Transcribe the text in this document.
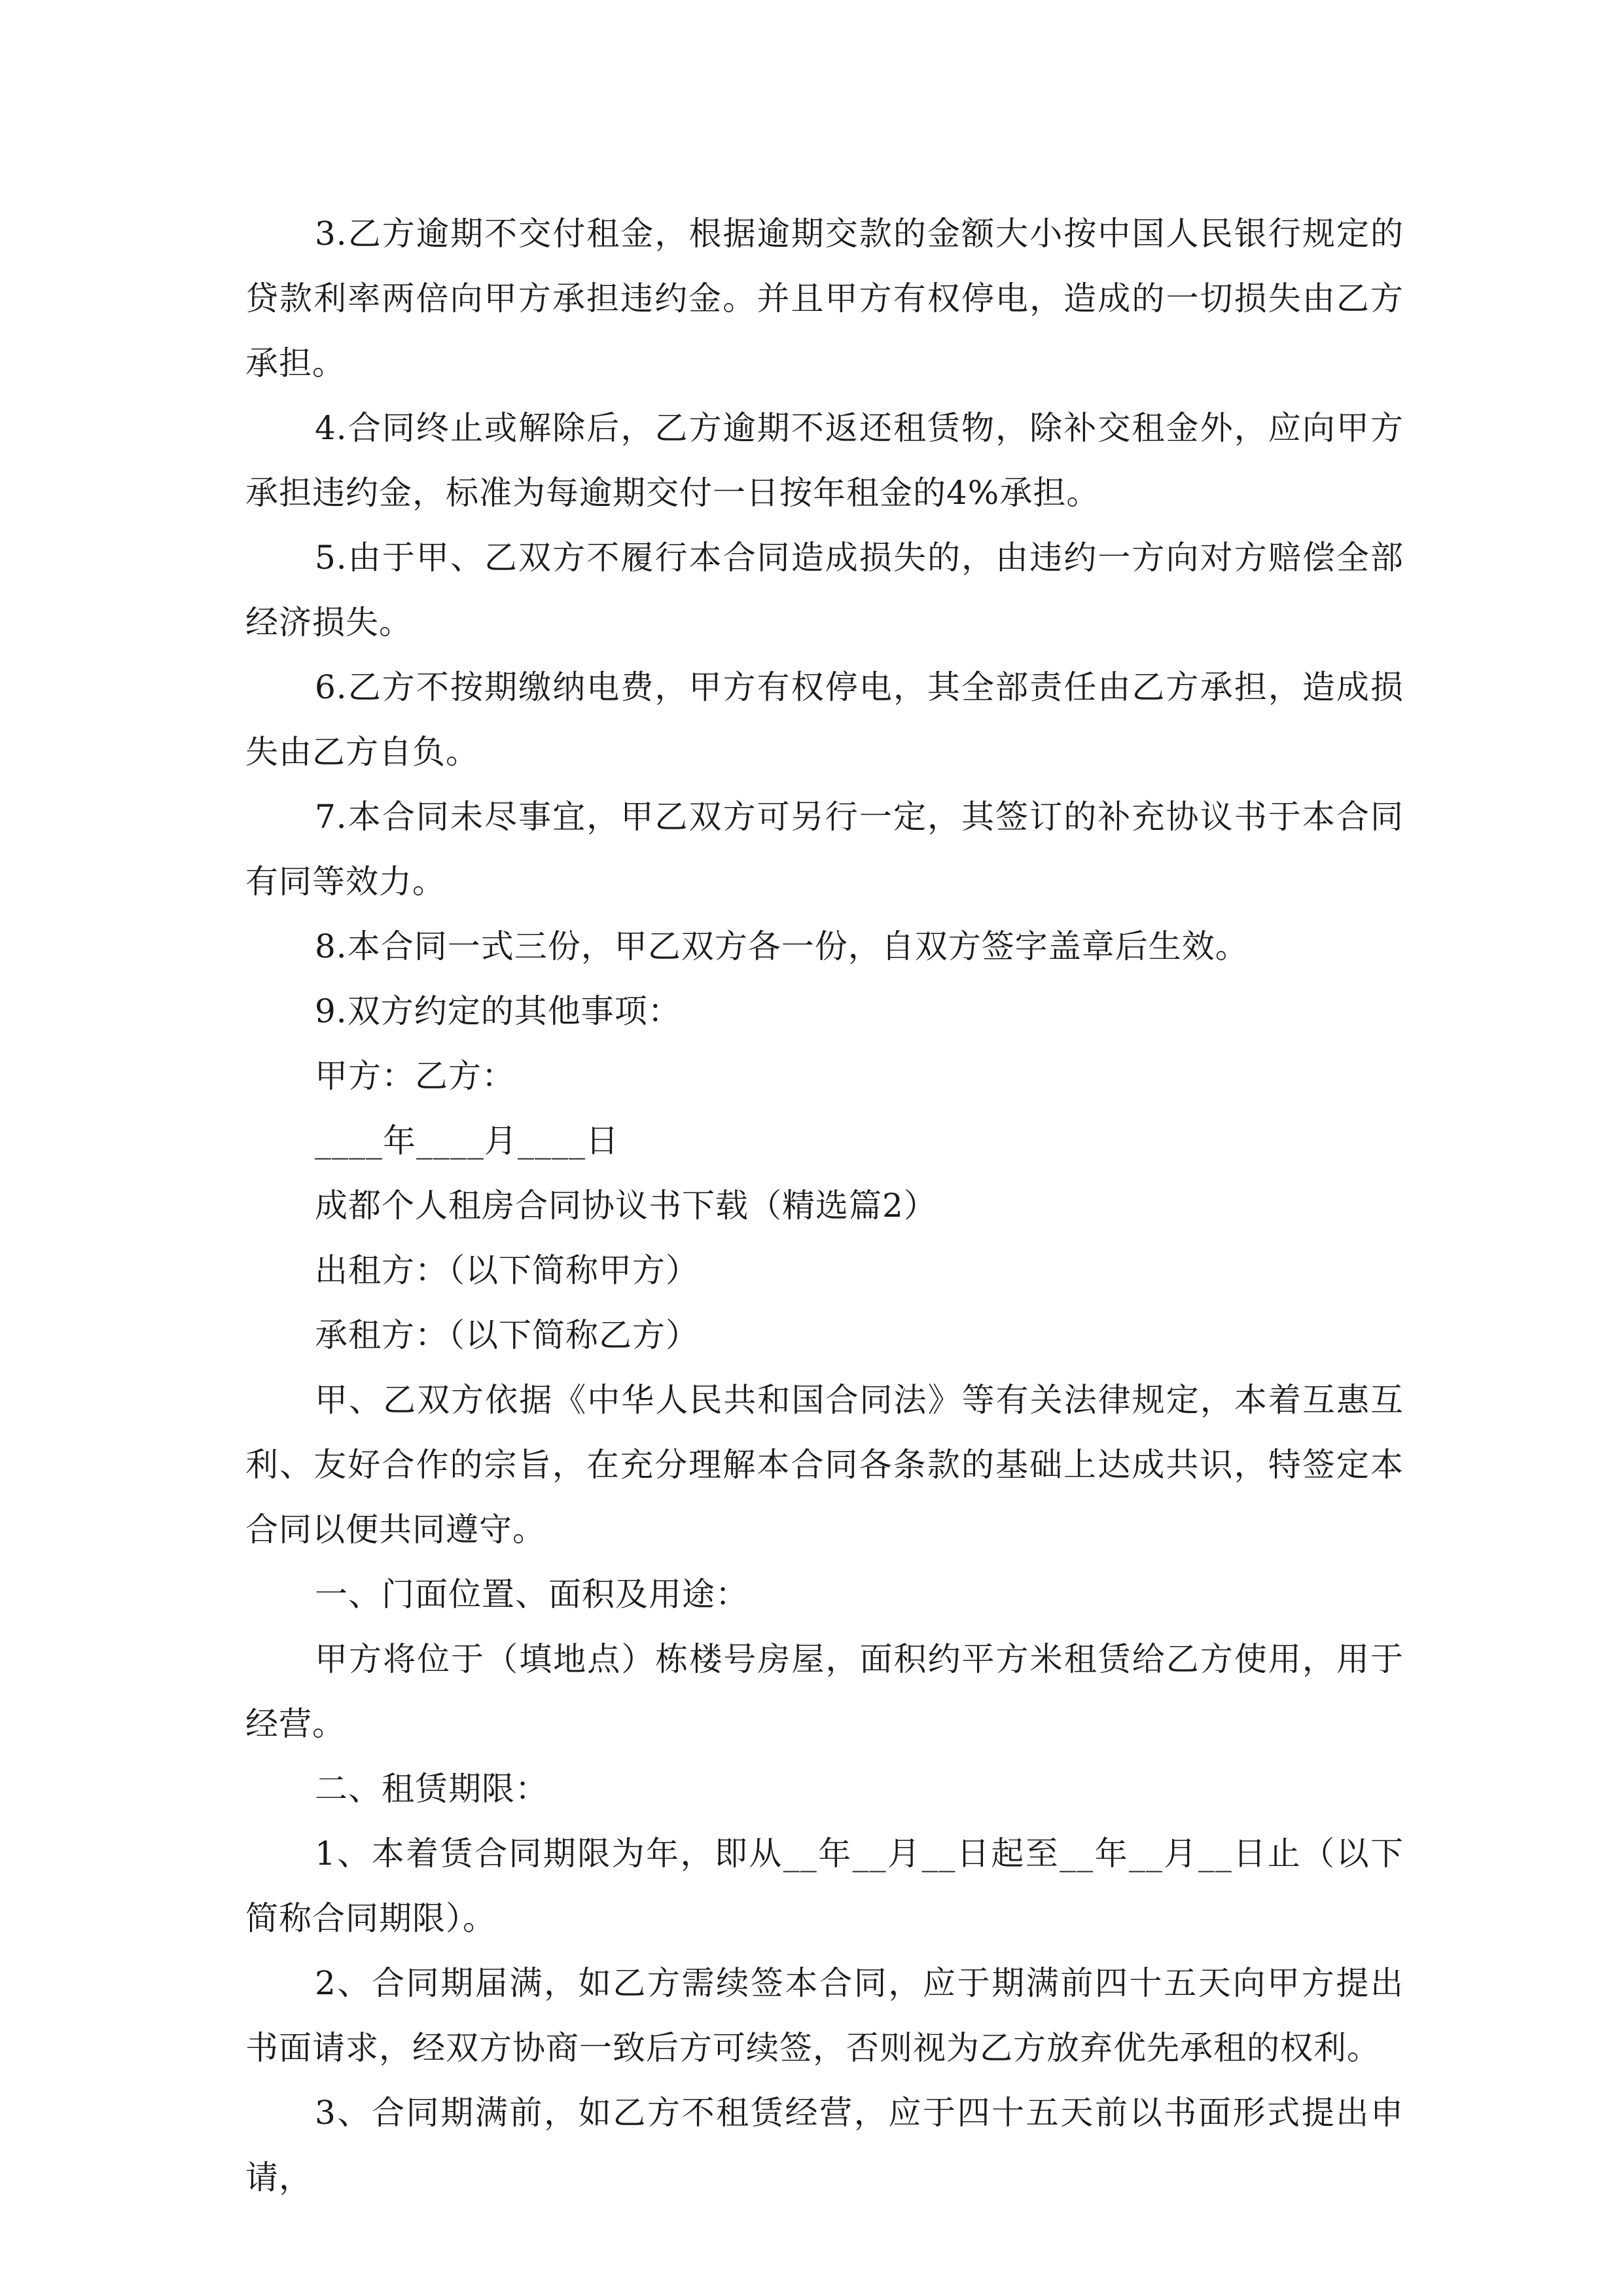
3.乙方逾期不交付租金，根据逾期交款的金额大小按中国人民银行规定的贷款利率两倍向甲方承担违约金。并且甲方有权停电，造成的一切损失由乙方承担。

4.合同终止或解除后，乙方逾期不返还租赁物，除补交租金外，应向甲方承担违约金，标准为每逾期交付一日按年租金的4%承担。

5.由于甲、乙双方不履行本合同造成损失的，由违约一方向对方赔偿全部经济损失。

6.乙方不按期缴纳电费，甲方有权停电，其全部责任由乙方承担，造成损失由乙方自负。

7.本合同未尽事宜，甲乙双方可另行一定，其签订的补充协议书于本合同有同等效力。

8.本合同一式三份，甲乙双方各一份，自双方签字盖章后生效。

9.双方约定的其他事项：

甲方：乙方：

____年____月____日

成都个人租房合同协议书下载（精选篇2）

出租方：（以下简称甲方）

承租方：（以下简称乙方）

甲、乙双方依据《中华人民共和国合同法》等有关法律规定，本着互惠互利、友好合作的宗旨，在充分理解本合同各条款的基础上达成共识，特签定本合同以便共同遵守。

一、门面位置、面积及用途：

甲方将位于（填地点）栋楼号房屋，面积约平方米租赁给乙方使用，用于经营。

二、租赁期限：

1、本着赁合同期限为年，即从__年__月__日起至__年__月__日止（以下简称合同期限）。

2、合同期届满，如乙方需续签本合同，应于期满前四十五天向甲方提出书面请求，经双方协商一致后方可续签，否则视为乙方放弃优先承租的权利。

3、合同期满前，如乙方不租赁经营，应于四十五天前以书面形式提出申请，
